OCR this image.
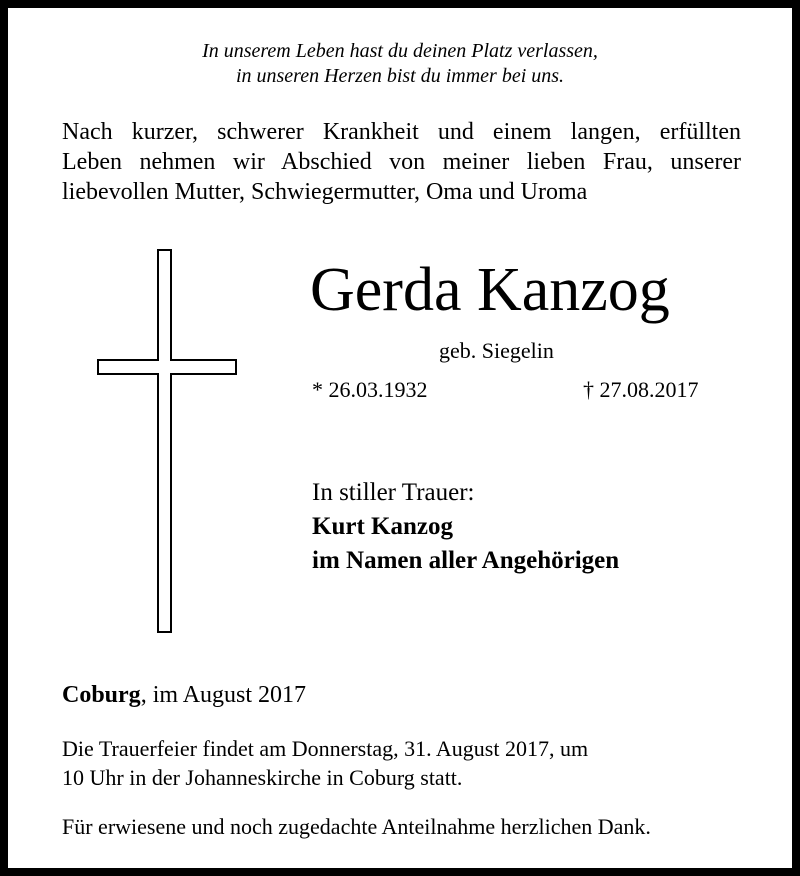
In unserem Leben hast du deinen Platz verlassen,
in unseren Herzen bist du immer bei uns.
Nach kurzer, schwerer Krankheit und einem langen, erfüllten
Leben nehmen wir Abschied von meiner lieben Frau, unserer
liebevollen Mutter, Schwiegermutter, Oma und Uroma
Gerda Kanzog
geb. Siegelin
* 26.03.1932	† 27.08.2017
In stiller Trauer:
Kurt Kanzog
im Namen aller Angehörigen
Coburg, im August 2017
Die Trauerfeier findet am Donnerstag, 31. August 2017, um
10 Uhr in der Johanneskirche in Coburg statt.
Für erwiesene und noch zugedachte Anteilnahme herzlichen Dank.
